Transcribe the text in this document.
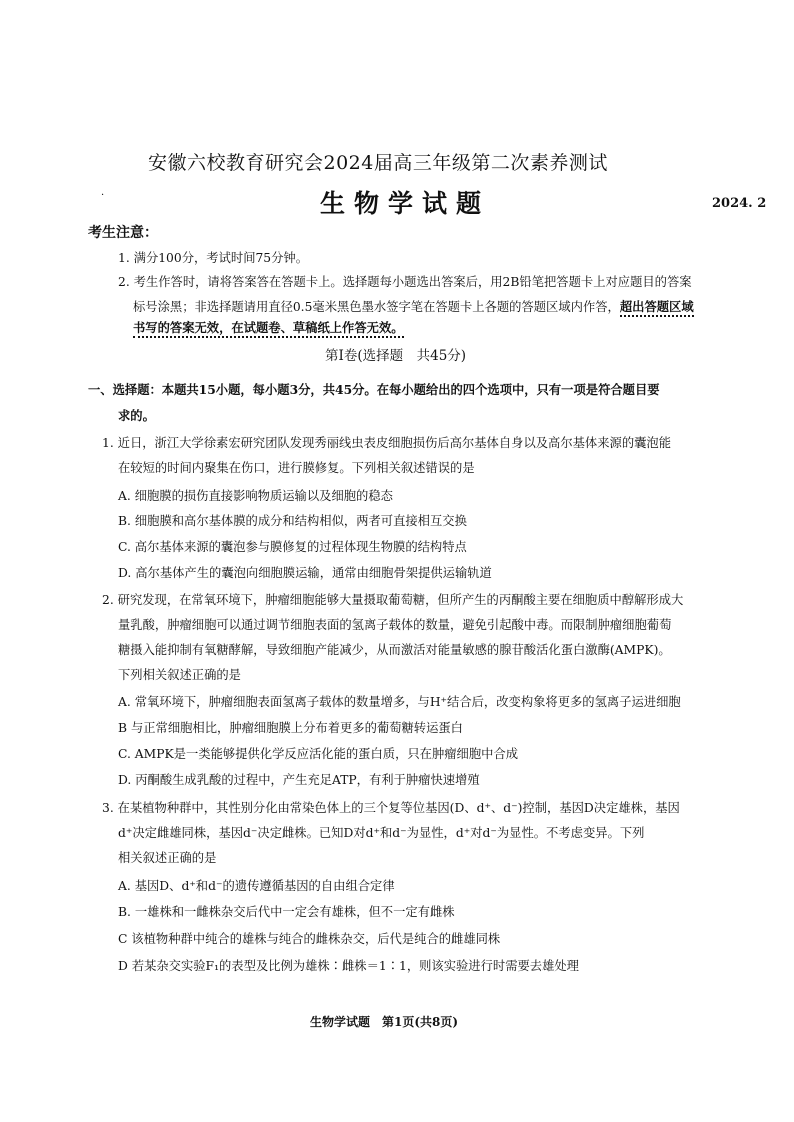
安徽六校教育研究会2024届高三年级第二次素养测试
·	生物学试题	2024. 2
考生注意：
1. 满分100分，考试时间75分钟。
2. 考生作答时，请将答案答在答题卡上。选择题每小题选出答案后，用2B铅笔把答题卡上对应题目的答案
标号涂黑；非选择题请用直径0.5毫米黑色墨水签字笔在答题卡上各题的答题区域内作答，超出答题区域
书写的答案无效，在试题卷、草稿纸上作答无效。
第Ⅰ卷(选择题　共45分)
一、选择题：本题共15小题，每小题3分，共45分。在每小题给出的四个选项中，只有一项是符合题目要
求的。
1. 近日，浙江大学徐素宏研究团队发现秀丽线虫表皮细胞损伤后高尔基体自身以及高尔基体来源的囊泡能
在较短的时间内聚集在伤口，进行膜修复。下列相关叙述错误的是
A. 细胞膜的损伤直接影响物质运输以及细胞的稳态
B. 细胞膜和高尔基体膜的成分和结构相似，两者可直接相互交换
C. 高尔基体来源的囊泡参与膜修复的过程体现生物膜的结构特点
D. 高尔基体产生的囊泡向细胞膜运输，通常由细胞骨架提供运输轨道
2. 研究发现，在常氧环境下，肿瘤细胞能够大量摄取葡萄糖，但所产生的丙酮酸主要在细胞质中醇解形成大
量乳酸，肿瘤细胞可以通过调节细胞表面的氢离子载体的数量，避免引起酸中毒。而限制肿瘤细胞葡萄
糖摄入能抑制有氧糖酵解，导致细胞产能减少，从而激活对能量敏感的腺苷酸活化蛋白激酶(AMPK)。
下列相关叙述正确的是
A. 常氧环境下，肿瘤细胞表面氢离子载体的数量增多，与H⁺结合后，改变构象将更多的氢离子运进细胞
B 与正常细胞相比，肿瘤细胞膜上分布着更多的葡萄糖转运蛋白
C. AMPK是一类能够提供化学反应活化能的蛋白质，只在肿瘤细胞中合成
D. 丙酮酸生成乳酸的过程中，产生充足ATP，有利于肿瘤快速增殖
3. 在某植物种群中，其性别分化由常染色体上的三个复等位基因(D、d⁺、d⁻)控制，基因D决定雄株，基因
d⁺决定雌雄同株，基因d⁻决定雌株。已知D对d⁺和d⁻为显性，d⁺对d⁻为显性。不考虑变异。下列
相关叙述正确的是
A. 基因D、d⁺和d⁻的遗传遵循基因的自由组合定律
B. 一雄株和一雌株杂交后代中一定会有雄株，但不一定有雌株
C 该植物种群中纯合的雄株与纯合的雌株杂交，后代是纯合的雌雄同株
D 若某杂交实验F₁的表型及比例为雄株∶雌株＝1∶1，则该实验进行时需要去雄处理
生物学试题　第1页(共8页)
